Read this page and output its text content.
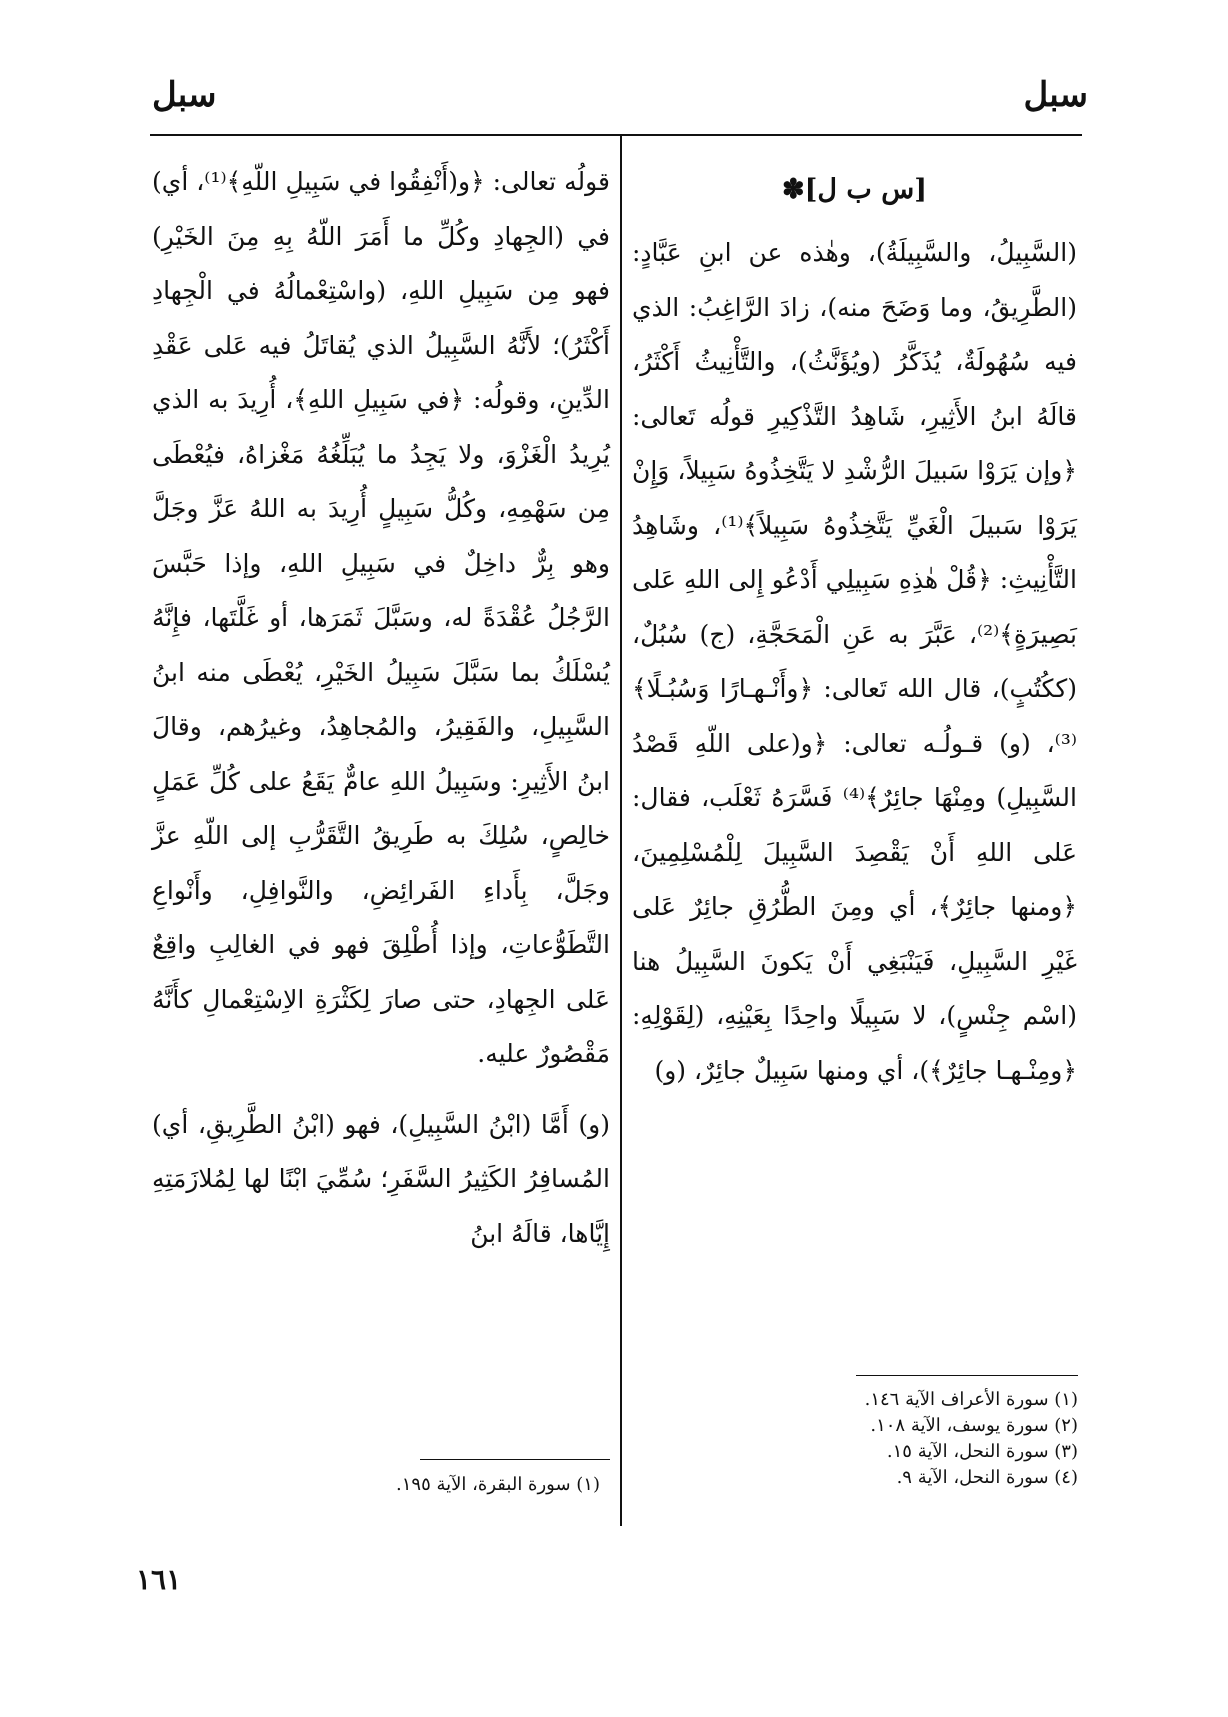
سبل
سبل

[س ب ل]✽

(السَّبِيلُ، والسَّبِيلَةُ)، وهٰذه عن ابنِ عَبَّادٍ: (الطَّرِيقُ، وما وَضَحَ منه)، زادَ الرَّاغِبُ: الذي فيه سُهُولَةٌ، يُذَكَّرُ (ويُؤَنَّثُ)، والتَّأْنِيثُ أَكْثَرُ، قالَهُ ابنُ الأَثِيرِ، شَاهِدُ التَّذْكِيرِ قولُه تَعالى: ﴿وإن يَرَوْا سَبيلَ الرُّشْدِ لا يَتَّخِذُوهُ سَبِيلاً، وَإِنْ يَرَوْا سَبيلَ الْغَيِّ يَتَّخِذُوهُ سَبِيلاً﴾⁽¹⁾، وشَاهِدُ التَّأْنِيثِ: ﴿قُلْ هٰذِهِ سَبِيلِي أَدْعُو إِلى اللهِ عَلى بَصِيرَةٍ﴾⁽²⁾، عَبَّرَ به عَنِ الْمَحَجَّةِ، (ج) سُبُلٌ، (ككُتُبٍ)، قال الله تَعالى: ﴿وأَنْـهـارًا وَسُبُـلًا﴾⁽³⁾، (و) قـولُـه تعالى: ﴿و(على اللّهِ قَصْدُ السَّبِيلِ) ومِنْهَا جائِرٌ﴾⁽⁴⁾ فَسَّرَهُ ثَعْلَب، فقال: عَلى اللهِ أَنْ يَقْصِدَ السَّبِيلَ لِلْمُسْلِمِينَ، ﴿ومنها جائِرٌ﴾، أي ومِنَ الطُّرُقِ جائِرٌ عَلى غَيْرِ السَّبِيلِ، فَيَنْبَغِي أَنْ يَكونَ السَّبِيلُ هنا (اسْم جِنْسٍ)، لا سَبِيلًا واحِدًا بِعَيْنِهِ، (لِقَوْلِهِ: ﴿ومِنْـهـا جائِرٌ﴾)، أي ومنها سَبِيلٌ جائِرٌ، (و)

قولُه تعالى: ﴿و(أَنْفِقُوا في سَبِيلِ اللّهِ﴾⁽¹⁾، أي) في (الجِهادِ وكُلِّ ما أَمَرَ اللّهُ بِهِ مِنَ الخَيْرِ) فهو مِن سَبِيلِ اللهِ، (واسْتِعْمالُهُ في الْجِهادِ أَكْثَرُ)؛ لأَنَّهُ السَّبِيلُ الذي يُقاتَلُ فيه عَلى عَقْدِ الدِّينِ، وقولُه: ﴿في سَبِيلِ اللهِ﴾، أُرِيدَ به الذي يُرِيدُ الْغَزْوَ، ولا يَجِدُ ما يُبَلِّغُهُ مَغْزاهُ، فيُعْطَى مِن سَهْمِهِ، وكُلُّ سَبِيلٍ أُرِيدَ به اللهُ عَزَّ وجَلَّ وهو بِرٌّ داخِلٌ في سَبِيلِ اللهِ، وإذا حَبَّسَ الرَّجُلُ عُقْدَةً له، وسَبَّلَ ثَمَرَها، أو غَلَّتَها، فإِنَّهُ يُسْلَكُ بما سَبَّلَ سَبِيلُ الخَيْرِ، يُعْطَى منه ابنُ السَّبِيلِ، والفَقِيرُ، والمُجاهِدُ، وغيرُهم، وقالَ ابنُ الأَثِيرِ: وسَبِيلُ اللهِ عامٌّ يَقَعُ على كُلِّ عَمَلٍ خالِصٍ، سُلِكَ به طَرِيقُ التَّقَرُّبِ إلى اللّهِ عزَّ وجَلَّ، بِأَداءِ الفَرائِضِ، والنَّوافِلِ، وأَنْواعِ التَّطَوُّعاتِ، وإذا أُطْلِقَ فهو في الغالِبِ واقِعٌ عَلى الجِهادِ، حتى صارَ لِكَثْرَةِ الاِسْتِعْمالِ كأَنَّهُ مَقْصُورٌ عليه.

(و) أَمَّا (ابْنُ السَّبِيلِ)، فهو (ابْنُ الطَّرِيقِ، أي) المُسافِرُ الكَثِيرُ السَّفَرِ؛ سُمِّيَ ابْنًا لها لِمُلازَمَتِهِ إِيَّاها، قالَهُ ابنُ

(١) سورة الأعراف الآية ١٤٦.
(٢) سورة يوسف، الآية ١٠٨.
(٣) سورة النحل، الآية ١٥.
(٤) سورة النحل، الآية ٩.
(١) سورة البقرة، الآية ١٩٥.
١٦١
